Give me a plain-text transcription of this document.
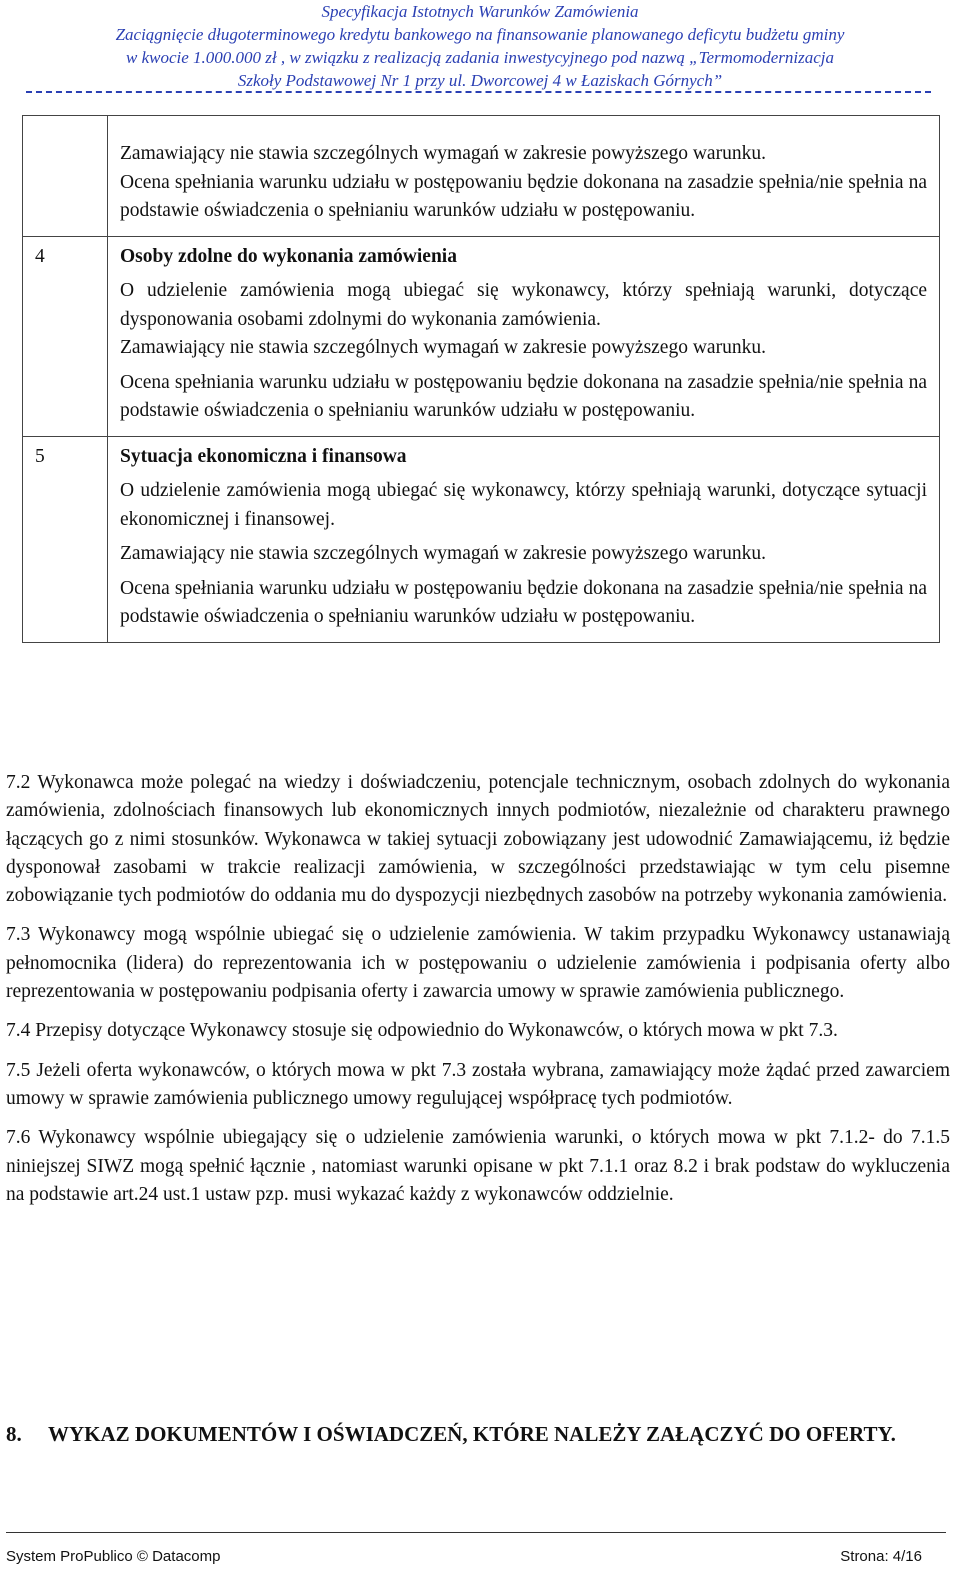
Specyfikacja Istotnych Warunków Zamówienia
Zaciągnięcie długoterminowego kredytu bankowego na finansowanie planowanego deficytu budżetu gminy
w kwocie 1.000.000 zł , w związku z realizacją zadania inwestycyjnego pod nazwą „Termomodernizacja
Szkoły Podstawowej Nr 1 przy ul. Dworcowej 4 w Łaziskach Górnych”

	Zamawiający nie stawia szczególnych wymagań w zakresie powyższego warunku.

Ocena spełniania warunku udziału w postępowaniu będzie dokonana na zasadzie spełnia/nie spełnia na podstawie oświadczenia o spełnianiu warunków udziału w postępowaniu.

4	Osoby zdolne do wykonania zamówienia

O udzielenie zamówienia mogą ubiegać się wykonawcy, którzy spełniają warunki, dotyczące dysponowania osobami zdolnymi do wykonania zamówienia.

Zamawiający nie stawia szczególnych wymagań w zakresie powyższego warunku.

Ocena spełniania warunku udziału w postępowaniu będzie dokonana na zasadzie spełnia/nie spełnia na podstawie oświadczenia o spełnianiu warunków udziału w postępowaniu.

5	Sytuacja ekonomiczna i finansowa

O udzielenie zamówienia mogą ubiegać się wykonawcy, którzy spełniają warunki, dotyczące sytuacji ekonomicznej i finansowej.

Zamawiający nie stawia szczególnych wymagań w zakresie powyższego warunku.

Ocena spełniania warunku udziału w postępowaniu będzie dokonana na zasadzie spełnia/nie spełnia na podstawie oświadczenia o spełnianiu warunków udziału w postępowaniu.

7.2 Wykonawca może polegać na wiedzy i doświadczeniu, potencjale technicznym, osobach zdolnych do wykonania zamówienia, zdolnościach finansowych lub ekonomicznych innych podmiotów, niezależnie od charakteru prawnego łączących go z nimi stosunków. Wykonawca w takiej sytuacji zobowiązany jest udowodnić Zamawiającemu, iż będzie dysponował zasobami w trakcie realizacji zamówienia, w szczególności przedstawiając w tym celu pisemne zobowiązanie tych podmiotów do oddania mu do dyspozycji niezbędnych zasobów na potrzeby wykonania zamówienia.

7.3 Wykonawcy mogą wspólnie ubiegać się o udzielenie zamówienia. W takim przypadku Wykonawcy ustanawiają pełnomocnika (lidera) do reprezentowania ich w postępowaniu o udzielenie zamówienia i podpisania oferty albo reprezentowania w postępowaniu podpisania oferty i zawarcia umowy w sprawie zamówienia publicznego.

7.4 Przepisy dotyczące Wykonawcy stosuje się odpowiednio do Wykonawców, o których mowa w pkt 7.3.

7.5 Jeżeli oferta wykonawców, o których mowa w pkt 7.3 została wybrana, zamawiający może żądać przed zawarciem umowy w sprawie zamówienia publicznego umowy regulującej współpracę tych podmiotów.

7.6 Wykonawcy wspólnie ubiegający się o udzielenie zamówienia warunki, o których mowa w pkt 7.1.2- do 7.1.5 niniejszej SIWZ mogą spełnić łącznie , natomiast warunki opisane w pkt 7.1.1 oraz 8.2 i brak podstaw do wykluczenia na podstawie art.24 ust.1 ustaw pzp. musi wykazać każdy z wykonawców oddzielnie.

8.	WYKAZ DOKUMENTÓW I OŚWIADCZEŃ, KTÓRE NALEŻY ZAŁĄCZYĆ DO OFERTY.
System ProPublico © Datacomp	Strona: 4/16
